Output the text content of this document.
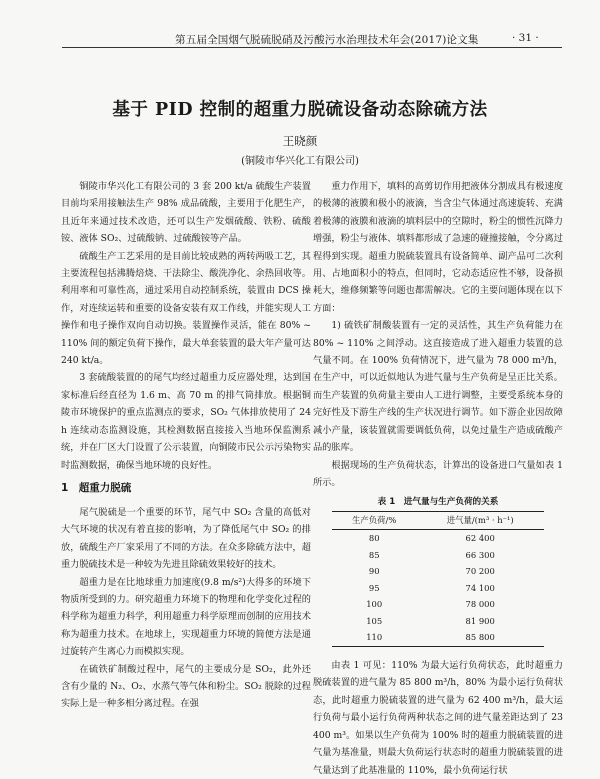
第五届全国烟气脱硫脱硝及污酸污水治理技术年会(2017)论文集	· 31 ·
基于 PID 控制的超重力脱硫设备动态除硫方法
王晓颜
(铜陵市华兴化工有限公司)

铜陵市华兴化工有限公司的 3 套 200 kt/a 硫酸生产装置目前均采用接触法生产 98% 成品硫酸，主要用于化肥生产，且近年来通过技术改造，还可以生产发烟硫酸、铁粉、硫酸铵、液体 SO₂、过硫酸钠、过硫酸铵等产品。

硫酸生产工艺采用的是目前比较成熟的两转两吸工艺，其主要流程包括沸腾焙烧、干法除尘、酸洗净化、余热回收等。利用率和可靠性高，通过采用自动控制系统，装置由 DCS 操作，对连续运转和重要的设备安装有双工作线，并能实现人工操作和电子操作双向自动切换。装置操作灵活，能在 80% ~ 110% 间的额定负荷下操作，最大单套装置的最大年产量可达 240 kt/a。

3 套硫酸装置的的尾气均经过超重力反应器处理，达到国家标准后经直径为 1.6 m、高 70 m 的排气筒排放。根据铜陵市环境保护的重点监测点的要求，SO₂ 气体排放使用了 24 h 连续动态监测设施，其检测数据直接接入当地环保监测系统，并在厂区大门设置了公示装置，向铜陵市民公示污染物实时监测数据，确保当地环境的良好性。

1　超重力脱硫

尾气脱硫是一个重要的环节，尾气中 SO₂ 含量的高低对大气环境的状况有着直接的影响，为了降低尾气中 SO₂ 的排放，硫酸生产厂家采用了不同的方法。在众多除硫方法中，超重力脱硫技术是一种较为先进且除硫效果较好的技术。

超重力是在比地球重力加速度(9.8 m/s²)大得多的环境下物质所受到的力。研究超重力环境下的物理和化学变化过程的科学称为超重力科学，利用超重力科学原理而创制的应用技术称为超重力技术。在地球上，实现超重力环境的简便方法是通过旋转产生离心力而模拟实现。

在硫铁矿制酸过程中，尾气的主要成分是 SO₂，此外还含有少量的 N₂、O₂、水蒸气等气体和粉尘。SO₂ 脱除的过程实际上是一种多相分离过程。在强

重力作用下，填料的高剪切作用把液体分割成具有极速度的极薄的液膜和极小的液滴，当含尘气体通过高速旋转、充满着极薄的液膜和液滴的填料层中的空隙时，粉尘的惯性沉降力增强，粉尘与液体、填料都形成了急速的碰撞接触，令分离过程得到实现。超重力脱硫装置具有设备简单、副产品可二次利用、占地面积小的特点，但同时，它动态适应性不够，设备损耗大，维修频繁等问题也都需解决。它的主要问题体现在以下方面：

1) 硫铁矿制酸装置有一定的灵活性，其生产负荷能力在 80% ~ 110% 之间浮动。这直接造成了进入超重力装置的总气量不同。在 100% 负荷情况下，进气量为 78 000 m³/h，在生产中，可以近似地认为进气量与生产负荷是呈正比关系。而生产装置的负荷量主要由人工进行调整，主要受系统本身的完好性及下游生产线的生产状况进行调节。如下游企业因故障减小产量，该装置就需要调低负荷，以免过量生产造成硫酸产品的胀库。

根据现场的生产负荷状态，计算出的设备进口气量如表 1 所示。

表 1　进气量与生产负荷的关系
生产负荷/%	进气量/(m³ · h⁻¹)
80	62 400
85	66 300
90	70 200
95	74 100
100	78 000
105	81 900
110	85 800

由表 1 可见：110% 为最大运行负荷状态，此时超重力脱硫装置的进气量为 85 800 m³/h，80% 为最小运行负荷状态，此时超重力脱硫装置的进气量为 62 400 m³/h，最大运行负荷与最小运行负荷两种状态之间的进气量差距达到了 23 400 m³。如果以生产负荷为 100% 时的超重力脱硫装置的进气量为基准量，则最大负荷运行状态时的超重力脱硫装置的进气量达到了此基准量的 110%，最小负荷运行状
